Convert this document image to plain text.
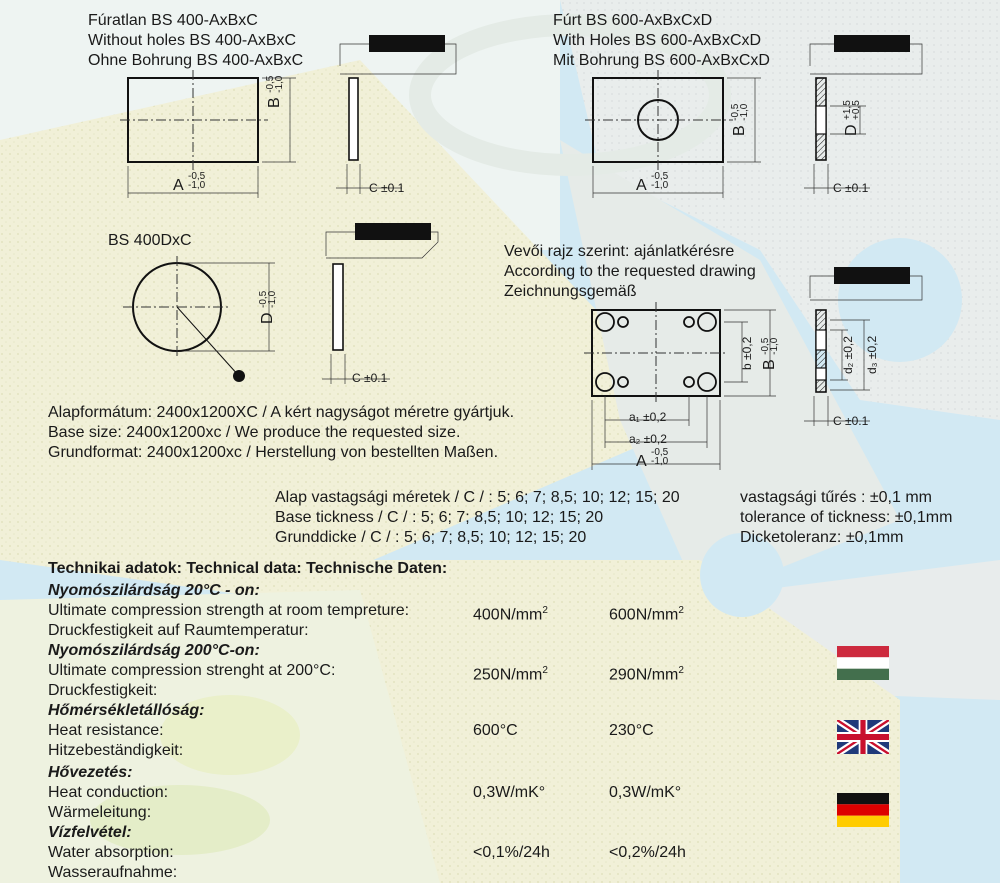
A
-0,5
-1,0
B
-0,5
-1,0
C ±0.1
Fúratlan BS 400-AxBxC
Without holes BS 400-AxBxC
Ohne Bohrung BS 400-AxBxC
Fúrt BS 600-AxBxCxD
With Holes BS 600-AxBxCxD
Mit Bohrung BS 600-AxBxCxD
A
-0,5
-1,0
B
-0,5
-1,0
D
+1,5
+0,5
C ±0.1
BS 400DxC
D
-0,5
-1,0
C ±0.1
Vevői rajz szerint: ajánlatkérésre
According to the requested drawing
Zeichnungsgemäß
a₁ ±0,2
a₂ ±0,2
A
-0,5
-1,0
b ±0,2 B
-0,5
-1,0	d₂ ±0,2 d₃ ±0,2
C ±0.1
Alapformátum: 2400x1200XC / A kért nagyságot méretre gyártjuk.
Base size: 2400x1200xc / We produce the requested size.
Grundformat: 2400x1200xc / Herstellung von bestellten Maßen.
Alap vastagsági méretek / C / : 5; 6; 7; 8,5; 10; 12; 15; 20
Base tickness / C / : 5; 6; 7; 8,5; 10; 12; 15; 20
Grunddicke / C / : 5; 6; 7; 8,5; 10; 12; 15; 20
vastagsági tűrés : ±0,1 mm
tolerance of tickness: ±0,1mm
Dicketoleranz: ±0,1mm
Technikai adatok: Technical data: Technische Daten:
Nyomószilárdság 20°C - on:
Ultimate compression strength at room tempreture:
Druckfestigkeit auf Raumtemperatur:
$400N/mm^2$	$600N/mm^2$
Nyomószilárdság 200°C-on:
Ultimate compression strenght at 200°C:
Druckfestigkeit:
$250N/mm^2$	$290N/mm^2$
Hőmérsékletállóság:
Heat resistance:
Hitzebeständigkeit:
600°C	230°C
Hővezetés:
Heat conduction:
Wärmeleitung:
0,3W/mK°	0,3W/mK°
Vízfelvétel:
Water absorption:
Wasseraufnahme:
<0,1%/24h	<0,2%/24h
